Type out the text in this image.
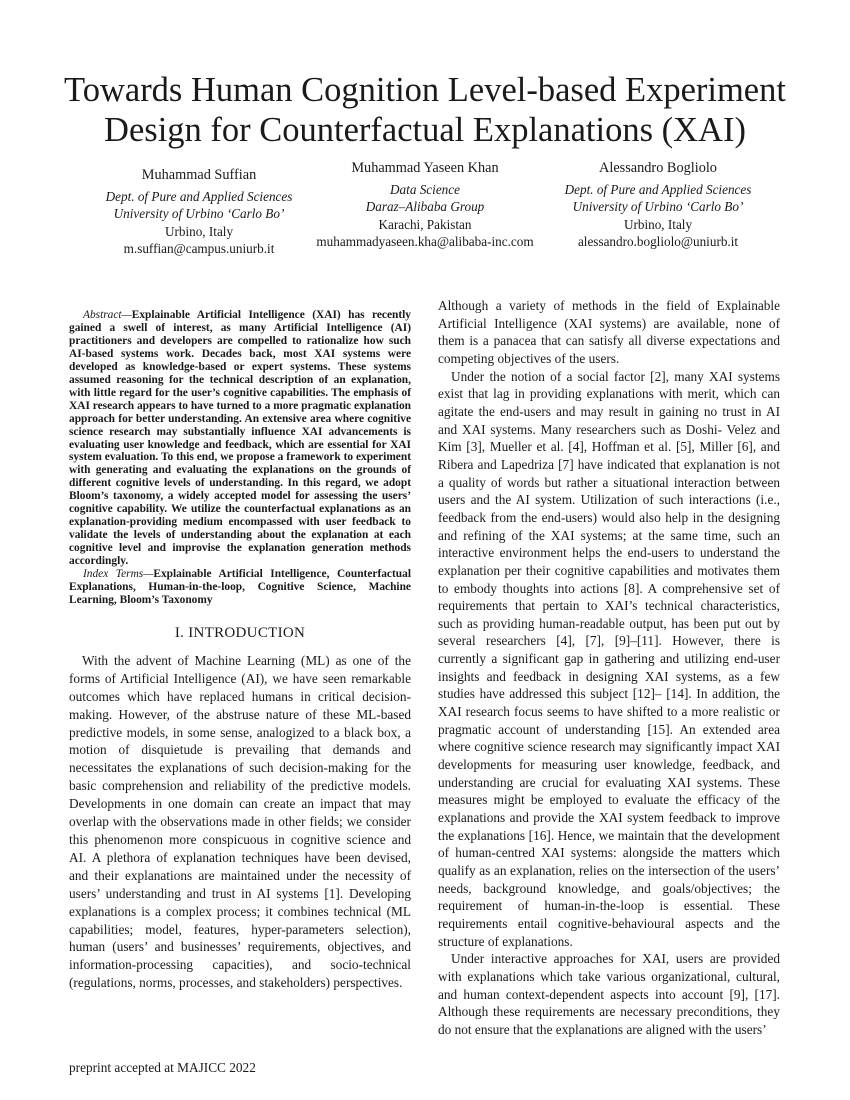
Towards Human Cognition Level-based Experiment Design for Counterfactual Explanations (XAI)
Muhammad Suffian
Dept. of Pure and Applied Sciences
University of Urbino ‘Carlo Bo’
Urbino, Italy
m.suffian@campus.uniurb.it
Muhammad Yaseen Khan
Data Science
Daraz–Alibaba Group
Karachi, Pakistan
muhammadyaseen.kha@alibaba-inc.com
Alessandro Bogliolo
Dept. of Pure and Applied Sciences
University of Urbino ‘Carlo Bo’
Urbino, Italy
alessandro.bogliolo@uniurb.it

Abstract—Explainable Artificial Intelligence (XAI) has recently gained a swell of interest, as many Artificial Intelligence (AI) practitioners and developers are compelled to rationalize how such AI-based systems work. Decades back, most XAI systems were developed as knowledge-based or expert systems. These systems assumed reasoning for the technical description of an explanation, with little regard for the user’s cognitive capabilities. The emphasis of XAI research appears to have turned to a more pragmatic explanation approach for better understanding. An extensive area where cognitive science research may substantially influence XAI advancements is evaluating user knowledge and feedback, which are essential for XAI system evaluation. To this end, we propose a framework to experiment with generating and evaluating the explanations on the grounds of different cognitive levels of understanding. In this regard, we adopt Bloom’s taxonomy, a widely accepted model for assessing the users’ cognitive capability. We utilize the counterfactual explanations as an explanation-providing medium encompassed with user feedback to validate the levels of understanding about the explanation at each cognitive level and improvise the explanation generation methods accordingly.

Index Terms—Explainable Artificial Intelligence, Counterfactual Explanations, Human-in-the-loop, Cognitive Science, Machine Learning, Bloom’s Taxonomy

I. INTRODUCTION

With the advent of Machine Learning (ML) as one of the forms of Artificial Intelligence (AI), we have seen remarkable outcomes which have replaced humans in critical decision-making. However, of the abstruse nature of these ML-based predictive models, in some sense, analogized to a black box, a motion of disquietude is prevailing that demands and necessitates the explanations of such decision-making for the basic comprehension and reliability of the predictive models. Developments in one domain can create an impact that may overlap with the observations made in other fields; we consider this phenomenon more conspicuous in cognitive science and AI. A plethora of explanation techniques have been devised, and their explanations are maintained under the necessity of users’ understanding and trust in AI systems [1]. Developing explanations is a complex process; it combines technical (ML capabilities; model, features, hyper-parameters selection), human (users’ and businesses’ requirements, objectives, and information-processing capacities), and socio-technical (regulations, norms, processes, and stakeholders) perspectives.

Although a variety of methods in the field of Explainable Artificial Intelligence (XAI systems) are available, none of them is a panacea that can satisfy all diverse expectations and competing objectives of the users.

Under the notion of a social factor [2], many XAI systems exist that lag in providing explanations with merit, which can agitate the end-users and may result in gaining no trust in AI and XAI systems. Many researchers such as Doshi- Velez and Kim [3], Mueller et al. [4], Hoffman et al. [5], Miller [6], and Ribera and Lapedriza [7] have indicated that explanation is not a quality of words but rather a situational interaction between users and the AI system. Utilization of such interactions (i.e., feedback from the end-users) would also help in the designing and refining of the XAI systems; at the same time, such an interactive environment helps the end-users to understand the explanation per their cognitive capabilities and motivates them to embody thoughts into actions [8]. A comprehensive set of requirements that pertain to XAI’s technical characteristics, such as providing human-readable output, has been put out by several researchers [4], [7], [9]–[11]. However, there is currently a significant gap in gathering and utilizing end-user insights and feedback in designing XAI systems, as a few studies have addressed this subject [12]– [14]. In addition, the XAI research focus seems to have shifted to a more realistic or pragmatic account of understanding [15]. An extended area where cognitive science research may significantly impact XAI developments for measuring user knowledge, feedback, and understanding are crucial for evaluating XAI systems. These measures might be employed to evaluate the efficacy of the explanations and provide the XAI system feedback to improve the explanations [16]. Hence, we maintain that the development of human-centred XAI systems: alongside the matters which qualify as an explanation, relies on the intersection of the users’ needs, background knowledge, and goals/objectives; the requirement of human-in-the-loop is essential. These requirements entail cognitive-behavioural aspects and the structure of explanations.

Under interactive approaches for XAI, users are provided with explanations which take various organizational, cultural, and human context-dependent aspects into account [9], [17]. Although these requirements are necessary preconditions, they do not ensure that the explanations are aligned with the users’

preprint accepted at MAJICC 2022
